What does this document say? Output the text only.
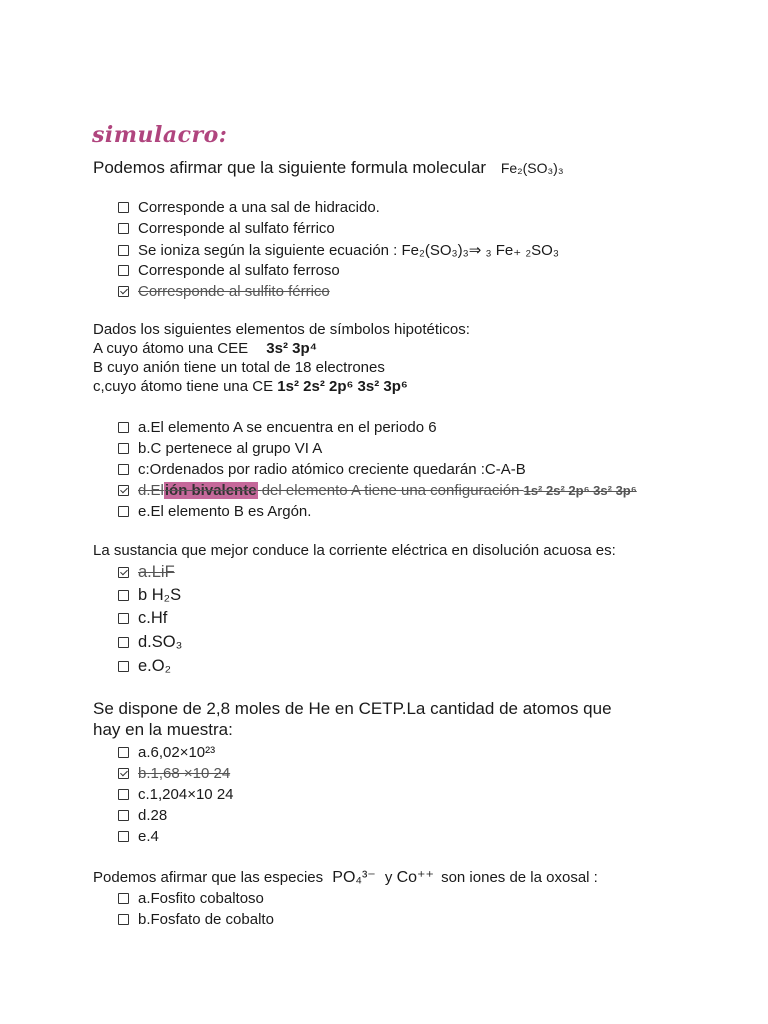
simulacro:
Podemos afirmar que la siguiente formula molecular Fe₂(SO₃)₃
Corresponde a una sal de hidracido.
Corresponde al sulfato férrico
Se ioniza según la siguiente ecuación : Fe₂(SO₃)₃⇒ ₃ Fe₊ ₂SO₃
Corresponde al sulfato ferroso
Corresponde al sulfito férrico
Dados los siguientes elementos de símbolos hipotéticos:
A cuyo átomo una CEE 3s² 3p⁴
B cuyo anión tiene un total de 18 electrones
c,cuyo átomo tiene una CE 1s² 2s² 2p⁶ 3s² 3p⁶
a.El elemento A se encuentra en el periodo 6
b.C pertenece al grupo VI A
c:Ordenados por radio atómico creciente quedarán :C-A-B
d.Elión bivalente del elemento A tiene una configuración 1s² 2s² 2p⁶ 3s² 3p⁶
e.El elemento B es Argón.
La sustancia que mejor conduce la corriente eléctrica en disolución acuosa es:
a.LiF
b H₂S
c.Hf
d.SO₃
e.O₂
Se dispone de 2,8 moles de He en CETP.La cantidad de atomos que
hay en la muestra:
a.6,02×10²³
b.1,68 ×10 24
c.1,204×10 24
d.28
e.4
Podemos afirmar que las especies PO₄³⁻ y Co⁺⁺ son iones de la oxosal :
a.Fosfito cobaltoso
b.Fosfato de cobalto
